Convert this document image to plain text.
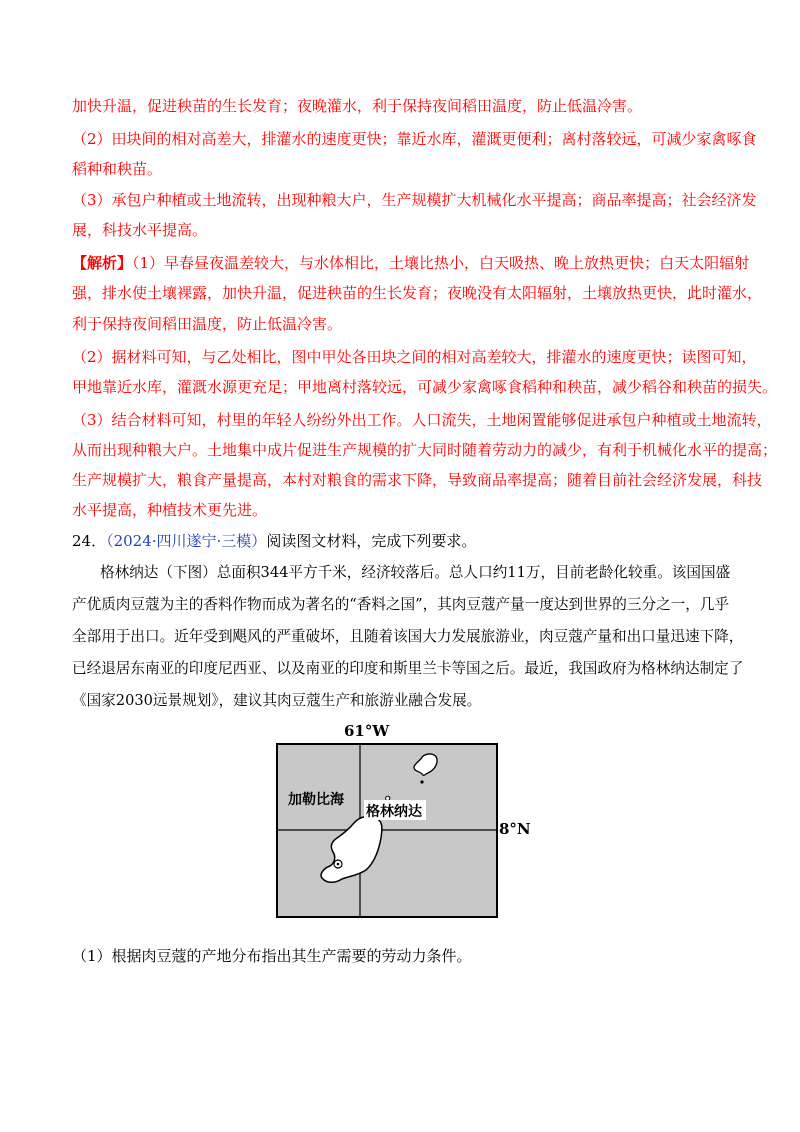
加快升温，促进秧苗的生长发育；夜晚灌水，利于保持夜间稻田温度，防止低温冷害。
（2）田块间的相对高差大，排灌水的速度更快；靠近水库，灌溉更便利；离村落较远，可减少家禽啄食
稻种和秧苗。
（3）承包户种植或土地流转，出现种粮大户，生产规模扩大机械化水平提高；商品率提高；社会经济发
展，科技水平提高。
【解析】（1）早春昼夜温差较大，与水体相比，土壤比热小，白天吸热、晚上放热更快；白天太阳辐射
强，排水使土壤裸露，加快升温，促进秧苗的生长发育；夜晚没有太阳辐射，土壤放热更快，此时灌水，
利于保持夜间稻田温度，防止低温冷害。
（2）据材料可知，与乙处相比，图中甲处各田块之间的相对高差较大，排灌水的速度更快；读图可知，
甲地靠近水库，灌溉水源更充足；甲地离村落较远，可减少家禽啄食稻种和秧苗，减少稻谷和秧苗的损失。
（3）结合材料可知，村里的年轻人纷纷外出工作。人口流失，土地闲置能够促进承包户种植或土地流转，
从而出现种粮大户。土地集中成片促进生产规模的扩大同时随着劳动力的减少，有利于机械化水平的提高；
生产规模扩大，粮食产量提高，本村对粮食的需求下降，导致商品率提高；随着目前社会经济发展，科技
水平提高，种植技术更先进。
24．（2024·四川遂宁·三模）阅读图文材料，完成下列要求。
格林纳达（下图）总面积344平方千米，经济较落后。总人口约11万，目前老龄化较重。该国国盛
产优质肉豆蔻为主的香料作物而成为著名的“香料之国”，其肉豆蔻产量一度达到世界的三分之一，几乎
全部用于出口。近年受到飓风的严重破坏，且随着该国大力发展旅游业，肉豆蔻产量和出口量迅速下降，
已经退居东南亚的印度尼西亚、以及南亚的印度和斯里兰卡等国之后。最近，我国政府为格林纳达制定了
《国家2030远景规划》，建议其肉豆蔻生产和旅游业融合发展。
61°W
8°N
加勒比海
格林纳达
（1）根据肉豆蔻的产地分布指出其生产需要的劳动力条件。
